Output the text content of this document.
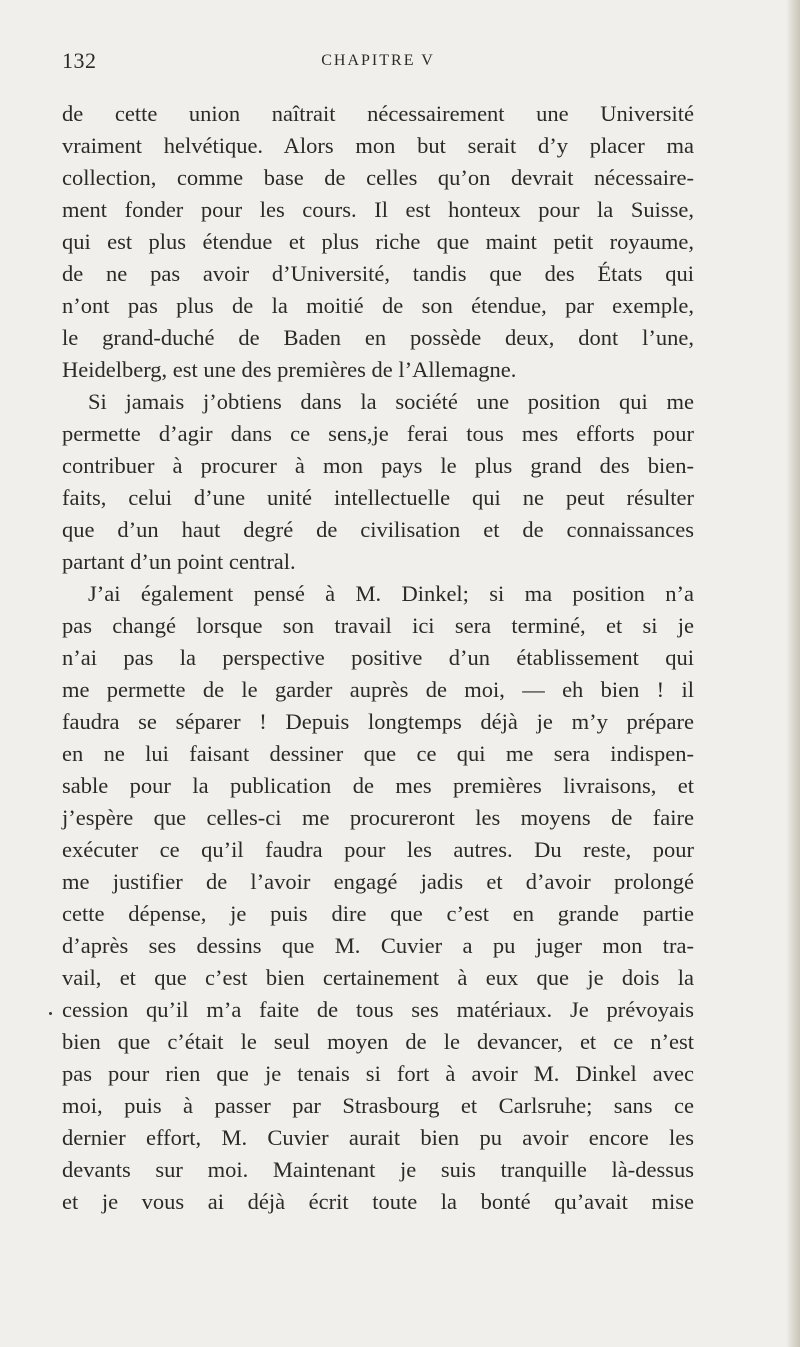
132	CHAPITRE V
de cette union naîtrait nécessairement une Université
vraiment helvétique. Alors mon but serait d’y placer ma
collection, comme base de celles qu’on devrait nécessaire-
ment fonder pour les cours. Il est honteux pour la Suisse,
qui est plus étendue et plus riche que maint petit royaume,
de ne pas avoir d’Université, tandis que des États qui
n’ont pas plus de la moitié de son étendue, par exemple,
le grand-duché de Baden en possède deux, dont l’une,
Heidelberg, est une des premières de l’Allemagne.
Si jamais j’obtiens dans la société une position qui me
permette d’agir dans ce sens,je ferai tous mes efforts pour
contribuer à procurer à mon pays le plus grand des bien-
faits, celui d’une unité intellectuelle qui ne peut résulter
que d’un haut degré de civilisation et de connaissances
partant d’un point central.
J’ai également pensé à M. Dinkel; si ma position n’a
pas changé lorsque son travail ici sera terminé, et si je
n’ai pas la perspective positive d’un établissement qui
me permette de le garder auprès de moi, — eh bien ! il
faudra se séparer ! Depuis longtemps déjà je m’y prépare
en ne lui faisant dessiner que ce qui me sera indispen-
sable pour la publication de mes premières livraisons, et
j’espère que celles-ci me procureront les moyens de faire
exécuter ce qu’il faudra pour les autres. Du reste, pour
me justifier de l’avoir engagé jadis et d’avoir prolongé
cette dépense, je puis dire que c’est en grande partie
d’après ses dessins que M. Cuvier a pu juger mon tra-
vail, et que c’est bien certainement à eux que je dois la
cession qu’il m’a faite de tous ses matériaux. Je prévoyais
bien que c’était le seul moyen de le devancer, et ce n’est
pas pour rien que je tenais si fort à avoir M. Dinkel avec
moi, puis à passer par Strasbourg et Carlsruhe; sans ce
dernier effort, M. Cuvier aurait bien pu avoir encore les
devants sur moi. Maintenant je suis tranquille là-dessus
et je vous ai déjà écrit toute la bonté qu’avait mise
